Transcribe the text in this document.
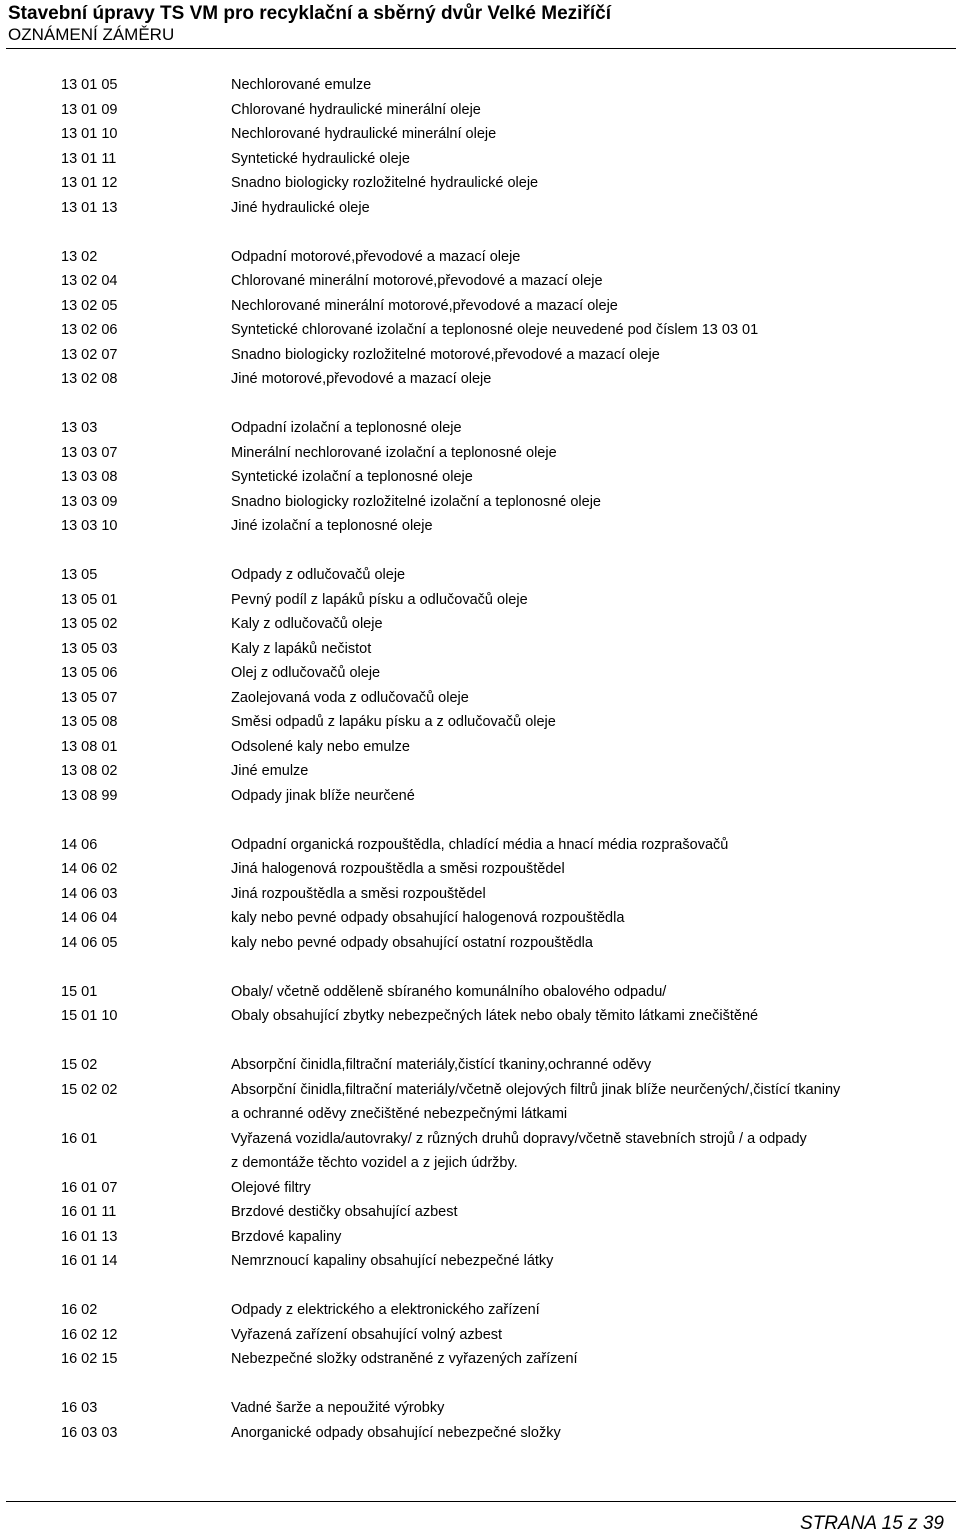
Stavební úpravy TS VM pro recyklační a sběrný dvůr Velké Meziříčí
OZNÁMENÍ ZÁMĚRU
13 01 05	Nechlorované emulze
13 01 09	Chlorované hydraulické minerální oleje
13 01 10	Nechlorované hydraulické minerální oleje
13 01 11	Syntetické hydraulické oleje
13 01 12	Snadno biologicky rozložitelné hydraulické oleje
13 01 13	Jiné hydraulické oleje
13 02	Odpadní motorové,převodové a mazací oleje
13 02 04	Chlorované minerální motorové,převodové a mazací oleje
13 02 05	Nechlorované minerální motorové,převodové a mazací oleje
13 02 06	Syntetické chlorované izolační a teplonosné oleje neuvedené pod číslem 13 03 01
13 02 07	Snadno biologicky rozložitelné motorové,převodové a mazací oleje
13 02 08	Jiné motorové,převodové a mazací oleje
13 03	Odpadní izolační a teplonosné oleje
13 03 07	Minerální nechlorované izolační a teplonosné oleje
13 03 08	Syntetické izolační a teplonosné oleje
13 03 09	Snadno biologicky rozložitelné izolační a teplonosné oleje
13 03 10	Jiné izolační a teplonosné oleje
13 05	Odpady z odlučovačů oleje
13 05 01	Pevný podíl z lapáků písku a odlučovačů oleje
13 05 02	Kaly z odlučovačů oleje
13 05 03	Kaly z lapáků nečistot
13 05 06	Olej z odlučovačů oleje
13 05 07	Zaolejovaná voda z odlučovačů oleje
13 05 08	Směsi odpadů z lapáku písku a z odlučovačů oleje
13 08 01	Odsolené kaly nebo emulze
13 08 02	Jiné emulze
13 08 99	Odpady jinak blíže neurčené
14 06	Odpadní organická rozpouštědla, chladící média a hnací média rozprašovačů
14 06 02	Jiná halogenová rozpouštědla a směsi rozpouštědel
14 06 03	Jiná rozpouštědla a směsi rozpouštědel
14 06 04	kaly nebo pevné odpady obsahující halogenová rozpouštědla
14 06 05	kaly nebo pevné odpady obsahující ostatní rozpouštědla
15 01	Obaly/ včetně odděleně sbíraného komunálního obalového odpadu/
15 01 10	Obaly obsahující zbytky nebezpečných látek nebo obaly těmito látkami znečištěné
15 02	Absorpční činidla,filtrační materiály,čistící tkaniny,ochranné oděvy
15 02 02	Absorpční činidla,filtrační materiály/včetně olejových filtrů jinak blíže neurčených/,čistící tkaniny
a ochranné oděvy znečištěné nebezpečnými látkami
16 01	Vyřazená vozidla/autovraky/ z různých druhů dopravy/včetně stavebních strojů / a odpady
z demontáže těchto vozidel a z jejich údržby.
16 01 07	Olejové filtry
16 01 11	Brzdové destičky obsahující azbest
16 01 13	Brzdové kapaliny
16 01 14	Nemrznoucí kapaliny obsahující nebezpečné látky
16 02	Odpady z elektrického a elektronického zařízení
16 02 12	Vyřazená zařízení obsahující volný azbest
16 02 15	Nebezpečné složky odstraněné z vyřazených zařízení
16 03	Vadné šarže a nepoužité výrobky
16 03 03	Anorganické odpady obsahující nebezpečné složky
STRANA 15 z 39
